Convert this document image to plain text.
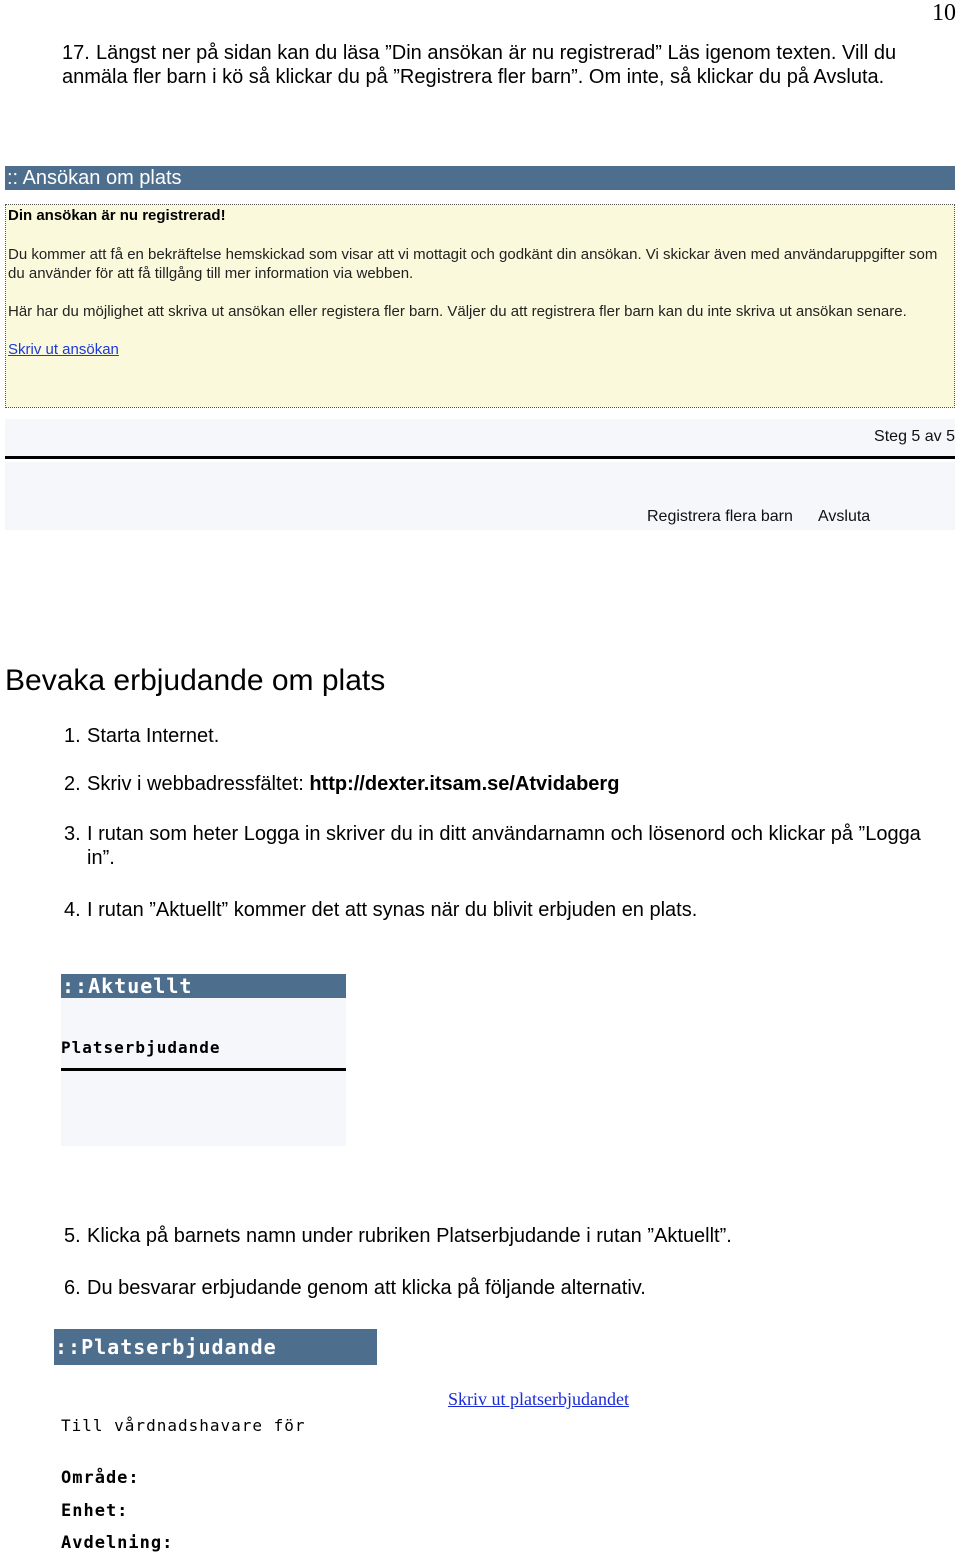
10
17. Längst ner på sidan kan du läsa ”Din ansökan är nu registrerad” Läs igenom texten. Vill du anmäla fler barn i kö så klickar du på ”Registrera fler barn”. Om inte, så klickar du på Avsluta.
:: Ansökan om plats
Din ansökan är nu registrerad!

Du kommer att få en bekräftelse hemskickad som visar att vi mottagit och godkänt din ansökan. Vi skickar även med användaruppgifter som du använder för att få tillgång till mer information via webben.

Här har du möjlighet att skriva ut ansökan eller registera fler barn. Väljer du att registrera fler barn kan du inte skriva ut ansökan senare.

Skriv ut ansökan

Steg 5 av 5
Registrera flera barn Avsluta
Bevaka erbjudande om plats
1. Starta Internet.
2. Skriv i webbadressfältet: http://dexter.itsam.se/Atvidaberg
3. I rutan som heter Logga in skriver du in ditt användarnamn och lösenord och klickar på ”Logga in”.
4. I rutan ”Aktuellt” kommer det att synas när du blivit erbjuden en plats.
::Aktuellt
Platserbjudande
5. Klicka på barnets namn under rubriken Platserbjudande i rutan ”Aktuellt”.
6. Du besvarar erbjudande genom att klicka på följande alternativ.
::Platserbjudande
Skriv ut platserbjudandet
Till vårdnadshavare för
Område:
Enhet:
Avdelning:
